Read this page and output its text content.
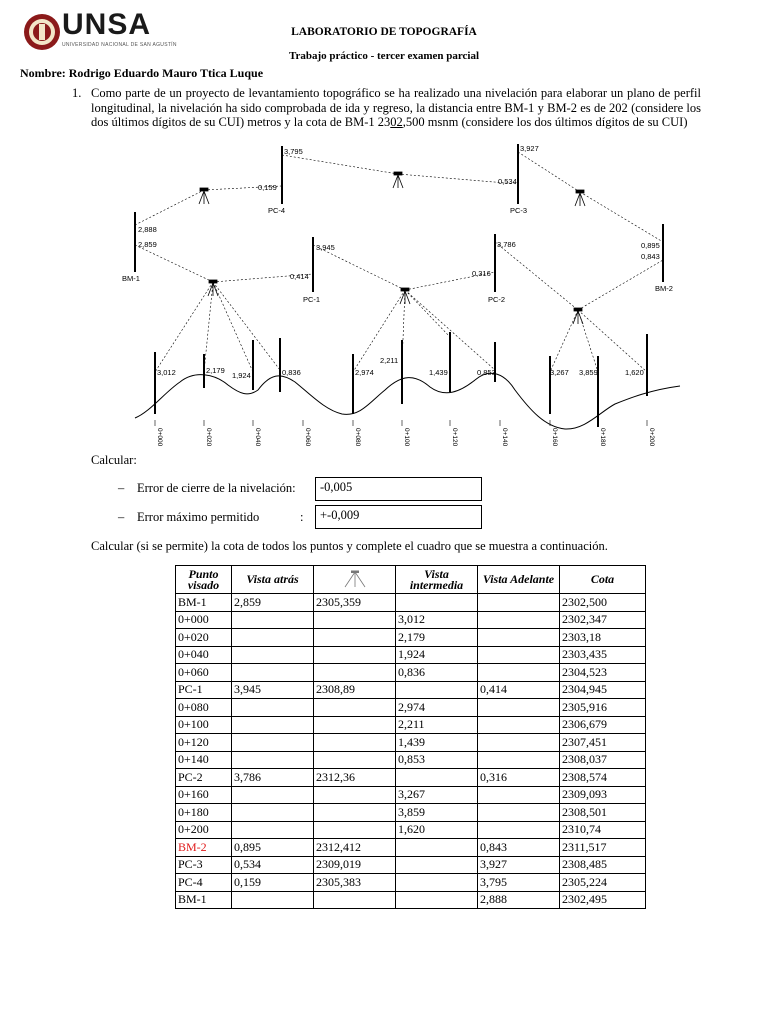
UNSA
UNIVERSIDAD NACIONAL DE SAN AGUSTÍN
LABORATORIO DE TOPOGRAFÍA
Trabajo práctico - tercer examen parcial
Nombre: Rodrigo Eduardo Mauro Ttica Luque
1. Como parte de un proyecto de levantamiento topográfico se ha realizado una nivelación para elaborar un plano de perfil longitudinal, la nivelación ha sido comprobada de ida y regreso, la distancia entre BM-1 y BM-2 es de 202 (considere los dos últimos dígitos de su CUI) metros y la cota de BM-1 2302,500 msnm (considere los dos últimos dígitos de su CUI)
BM-1
PC-1	PC-2
BM-2
PC-3
PC-4
2,888
2,859
3,795
0,159
3,927
0,534
0,895
0,843
3,945
0,414
3,786
0,316
3,012	2,179
1,924	0,836	2,974
2,211
1,439	0,853	3,267 3,859	1,620
0+000	0+020	0+040	0+060	0+080	0+100	0+120	0+140	0+160	0+180	0+200
Calcular:
– Error de cierre de la nivelación:	-0,005
– Error máximo permitido	:	+-0,009
Calcular (si se permite) la cota de todos los puntos y complete el cuadro que se muestra a continuación.
Punto visado	Vista atrás		Vista intermedia	Vista Adelante	Cota
BM-1	2,859	2305,359			2302,500
0+000			3,012		2302,347
0+020			2,179		2303,18
0+040			1,924		2303,435
0+060			0,836		2304,523
PC-1	3,945	2308,89		0,414	2304,945
0+080			2,974		2305,916
0+100			2,211		2306,679
0+120			1,439		2307,451
0+140			0,853		2308,037
PC-2	3,786	2312,36		0,316	2308,574
0+160			3,267		2309,093
0+180			3,859		2308,501
0+200			1,620		2310,74
BM-2	0,895	2312,412		0,843	2311,517
PC-3	0,534	2309,019		3,927	2308,485
PC-4	0,159	2305,383		3,795	2305,224
BM-1				2,888	2302,495
